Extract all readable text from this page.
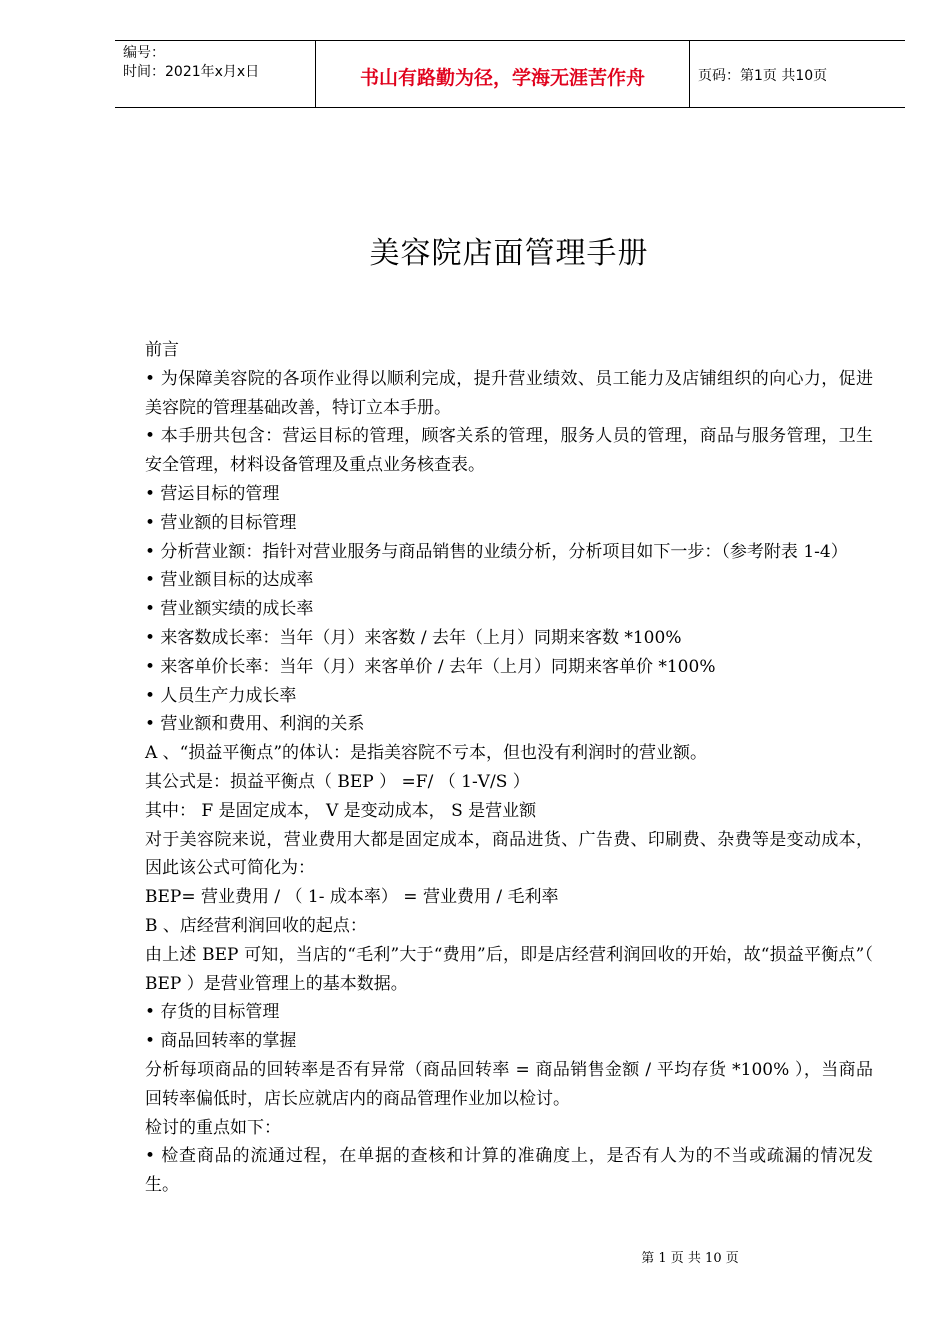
编号：
时间：2021年x月x日	书山有路勤为径，学海无涯苦作舟	页码：第1页 共10页
美容院店面管理手册

前言

• 为保障美容院的各项作业得以顺利完成，提升营业绩效、员工能力及店铺组织的向心力，促进美容院的管理基础改善，特订立本手册。

• 本手册共包含：营运目标的管理，顾客关系的管理，服务人员的管理，商品与服务管理，卫生安全管理，材料设备管理及重点业务核查表。

• 营运目标的管理

• 营业额的目标管理

• 分析营业额：指针对营业服务与商品销售的业绩分析，分析项目如下一步：（参考附表 1-4）

• 营业额目标的达成率

• 营业额实绩的成长率

• 来客数成长率：当年（月）来客数 / 去年（上月）同期来客数 *100%

• 来客单价长率：当年（月）来客单价 / 去年（上月）同期来客单价 *100%

• 人员生产力成长率

• 营业额和费用、利润的关系

A 、“损益平衡点”的体认：是指美容院不亏本，但也没有利润时的营业额。

其公式是：损益平衡点（ BEP ） =F/ （ 1-V/S ）

其中： F 是固定成本， V 是变动成本， S 是营业额

对于美容院来说，营业费用大都是固定成本，商品进货、广告费、印刷费、杂费等是变动成本，因此该公式可简化为：

BEP= 营业费用 / （ 1- 成本率） = 营业费用 / 毛利率

B 、店经营利润回收的起点：

由上述 BEP 可知，当店的“毛利”大于“费用”后，即是店经营利润回收的开始，故“损益平衡点”（ BEP ）是营业管理上的基本数据。

• 存货的目标管理

• 商品回转率的掌握

分析每项商品的回转率是否有异常（商品回转率 = 商品销售金额 / 平均存货 *100% ），当商品回转率偏低时，店长应就店内的商品管理作业加以检讨。

检讨的重点如下：

• 检查商品的流通过程，在单据的查核和计算的准确度上，是否有人为的不当或疏漏的情况发生。

第 1 页 共 10 页
